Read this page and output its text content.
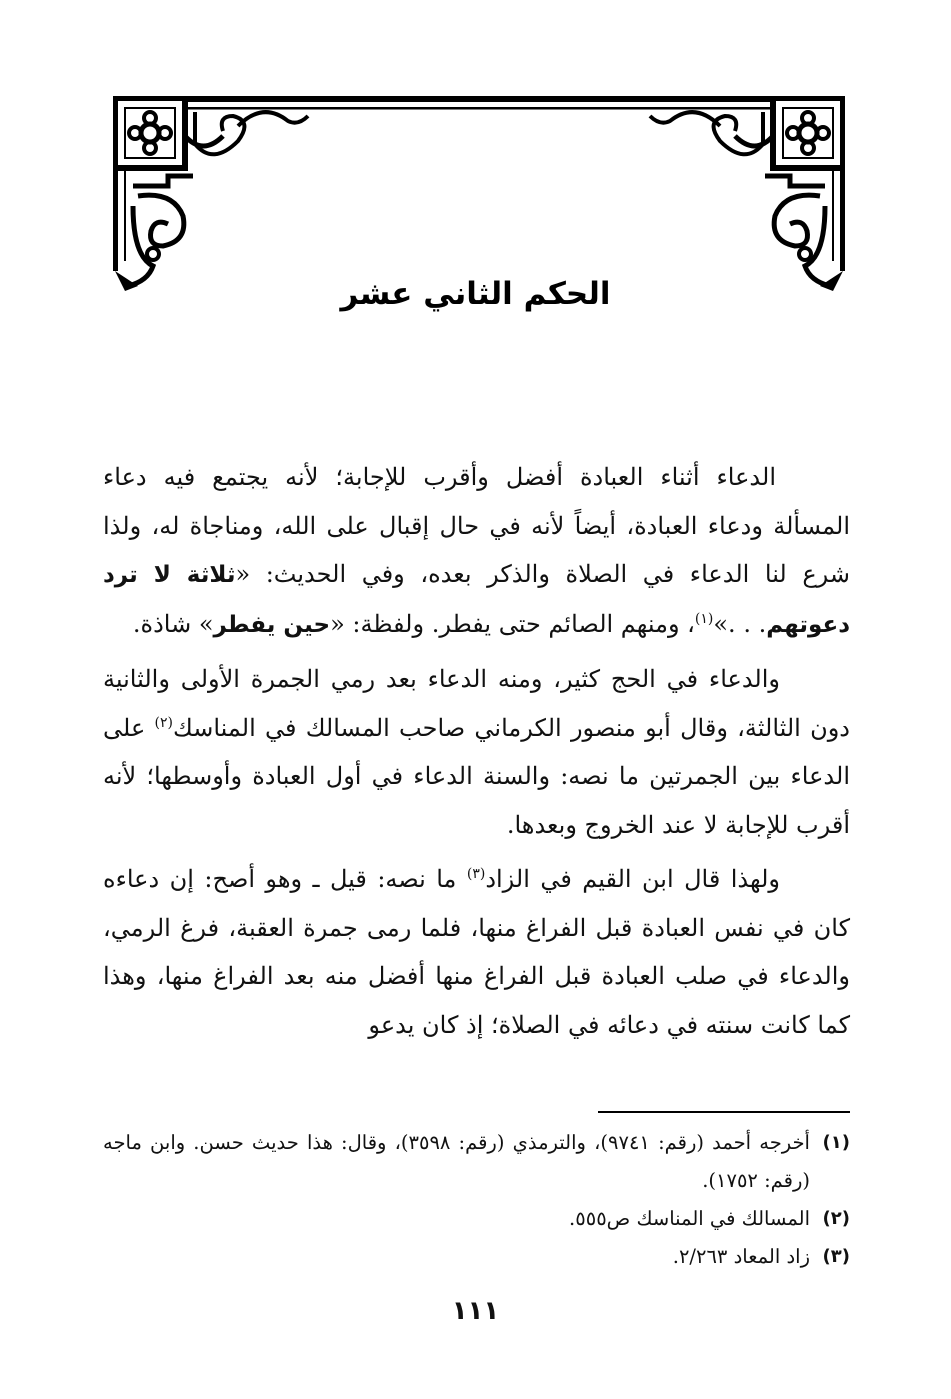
الحكم الثاني عشر

الدعاء أثناء العبادة أفضل وأقرب للإجابة؛ لأنه يجتمع فيه دعاء المسألة ودعاء العبادة، أيضاً لأنه في حال إقبال على الله، ومناجاة له، ولذا شرع لنا الدعاء في الصلاة والذكر بعده، وفي الحديث: «ثلاثة لا ترد دعوتهم. . .»$^{(١)}$، ومنهم الصائم حتى يفطر. ولفظة: «حين يفطر» شاذة.

والدعاء في الحج كثير، ومنه الدعاء بعد رمي الجمرة الأولى والثانية دون الثالثة، وقال أبو منصور الكرماني صاحب المسالك في المناسك$^{(٢)}$ على الدعاء بين الجمرتين ما نصه: والسنة الدعاء في أول العبادة وأوسطها؛ لأنه أقرب للإجابة لا عند الخروج وبعدها.

ولهذا قال ابن القيم في الزاد$^{(٣)}$ ما نصه: قيل ـ وهو أصح: إن دعاءه كان في نفس العبادة قبل الفراغ منها، فلما رمى جمرة العقبة، فرغ الرمي، والدعاء في صلب العبادة قبل الفراغ منها أفضل منه بعد الفراغ منها، وهذا كما كانت سنته في دعائه في الصلاة؛ إذ كان يدعو

(١)
أخرجه أحمد (رقم: ٩٧٤١)، والترمذي (رقم: ٣٥٩٨)، وقال: هذا حديث حسن. وابن ماجه (رقم: ١٧٥٢).
(٢)
المسالك في المناسك ص٥٥٥.
(٣)
زاد المعاد ٢/٢٦٣.
١١١
